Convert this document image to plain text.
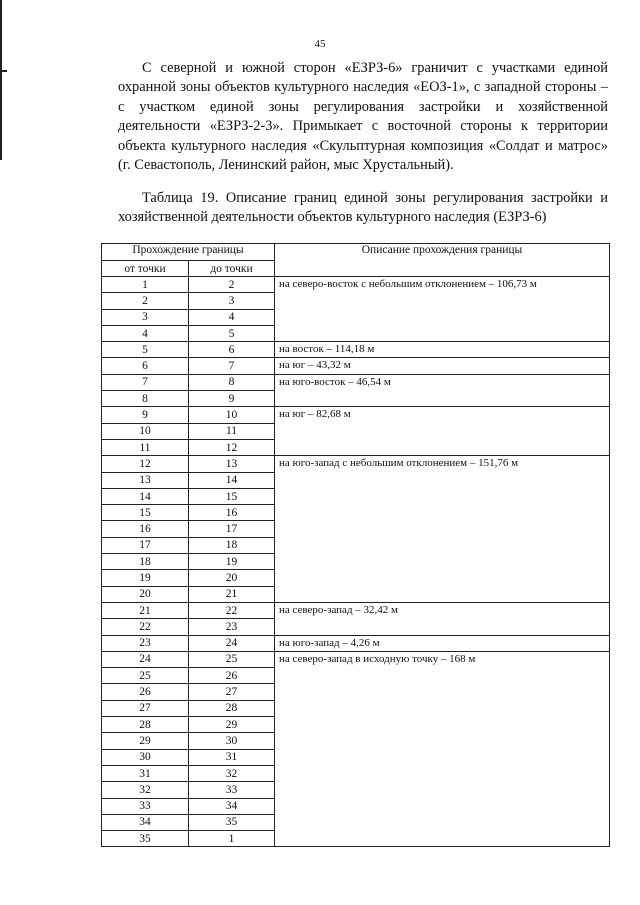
45

С северной и южной сторон «ЕЗРЗ-6» граничит с участками единой охранной зоны объектов культурного наследия «ЕОЗ-1», с западной стороны – с участком единой зоны регулирования застройки и хозяйственной деятельности «ЕЗРЗ-2-3». Примыкает с восточной стороны к территории объекта культурного наследия «Скульптурная композиция «Солдат и матрос» (г. Севастополь, Ленинский район, мыс Хрустальный).

Таблица 19. Описание границ единой зоны регулирования застройки и хозяйственной деятельности объектов культурного наследия (ЕЗРЗ-6)

Прохождение границы		Описание прохождения границы
от точки	до точки	
1	2	на северо-восток с небольшим отклонением – 106,73 м
2	3	
3	4	
4	5	
5	6	на восток – 114,18 м
6	7	на юг – 43,32 м
7	8	на юго-восток – 46,54 м
8	9	
9	10	на юг – 82,68 м
10	11	
11	12	
12	13	на юго-запад с небольшим отклонением – 151,76 м
13	14	
14	15	
15	16	
16	17	
17	18	
18	19	
19	20	
20	21	
21	22	на северо-запад – 32,42 м
22	23	
23	24	на юго-запад – 4,26 м
24	25	на северо-запад в исходную точку – 168 м
25	26	
26	27	
27	28	
28	29	
29	30	
30	31	
31	32	
32	33	
33	34	
34	35	
35	1	
